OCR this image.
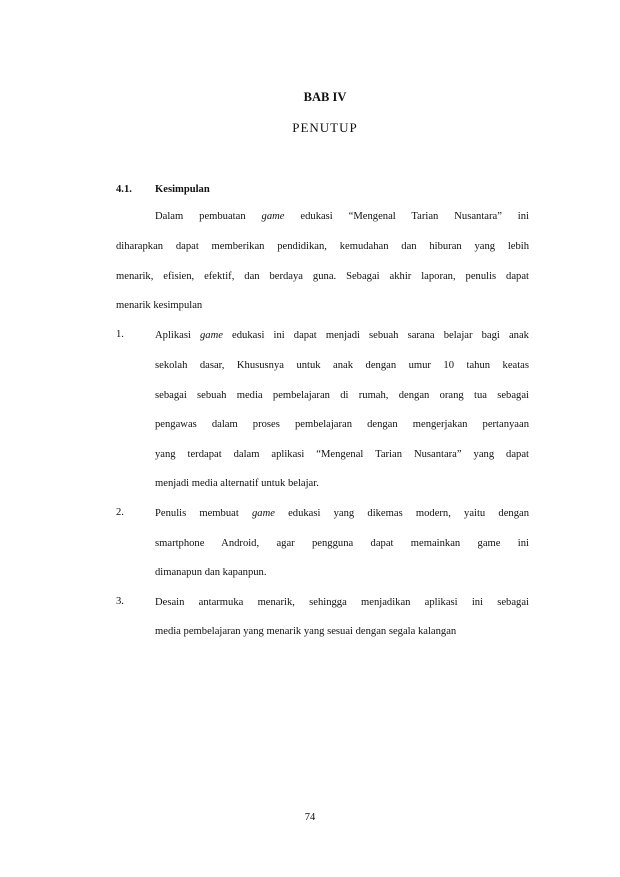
BAB IV
PENUTUP
4.1. Kesimpulan
Dalam pembuatan game edukasi “Mengenal Tarian Nusantara” ini
diharapkan dapat memberikan pendidikan, kemudahan dan hiburan yang lebih
menarik, efisien, efektif, dan berdaya guna. Sebagai akhir laporan, penulis dapat
menarik kesimpulan
1.	Aplikasi game edukasi ini dapat menjadi sebuah sarana belajar bagi anak
sekolah dasar, Khususnya untuk anak dengan umur 10 tahun keatas
sebagai sebuah media pembelajaran di rumah, dengan orang tua sebagai
pengawas dalam proses pembelajaran dengan mengerjakan pertanyaan
yang terdapat dalam aplikasi “Mengenal Tarian Nusantara” yang dapat
menjadi media alternatif untuk belajar.
2.	Penulis membuat game edukasi yang dikemas modern, yaitu dengan
smartphone Android, agar pengguna dapat memainkan game ini
dimanapun dan kapanpun.
3.	Desain antarmuka menarik, sehingga menjadikan aplikasi ini sebagai
media pembelajaran yang menarik yang sesuai dengan segala kalangan
74
